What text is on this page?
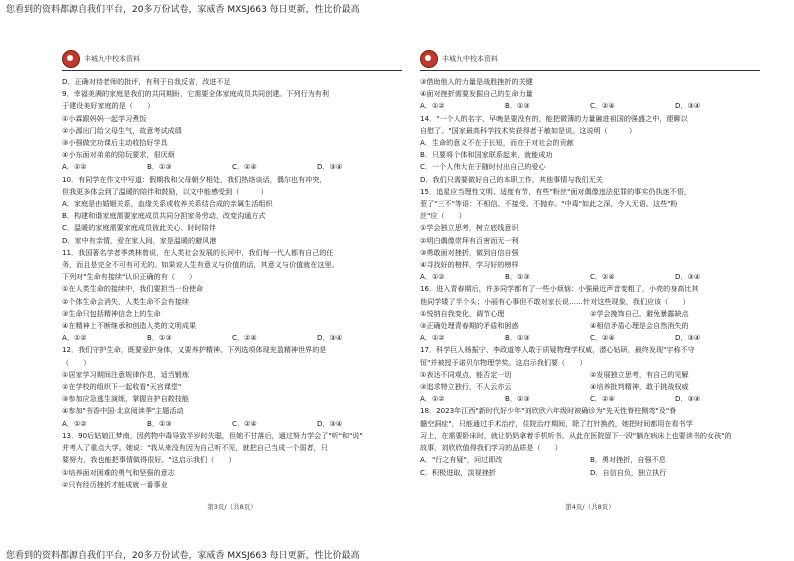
您看到的资料都源自我们平台，20多万份试卷，家威香 MXSJ663 每日更新，性比价最高
丰城九中校本资料
D．正确对待老师的批评，有利于自我反省，改进不足
9．幸福美满的家庭是我们的共同期盼，它需要全体家庭成员共同创建。下列行为有利
于建设美好家庭的是（　　）
①小霖跟妈妈一起学习煮饭
②小源出门给父母生气，故意考试成绩
③小强做完功课后主动收拾好学具
④小东面对弟弟的陪玩要求，很厌烦
A．①②	B．①③	C．②④	D．③④
10．有同学在作文中写道：假期我和父母朝夕相处，我们热络谈话，偶尔也有冲突，
但我更多体会到了温暖的陪伴和鼓励，以文中能感受到（　　　）
A．家庭是由婚姻关系，血缘关系或收养关系结合成的亲属生活组织
B．构建和谐家庭需要家庭成员共同分担家务劳动，改变沟通方式
C．温暖的家庭需要家庭成员彼此关心、时时陪伴
D．家中有亲情，爱在家人间，家是温暖的避风港
11．我国著名学者季羡林曾说，在人类社会发展的长河中，我们每一代人都有自己的任
务，而且是完全不可有可无的。如果说人生有意义与价值的话，其意义与价值就在这里。
下列对"生命有接续"认识正确的有（　　）
①在人类生命的接续中，我们要担当一份使命
②个体生命会消失，人类生命不会有接续
③生命只包括精神信念上的生命
④在精神上不断继承和创造人类的文明成果
A．①②	B．①③	C．②④	D．③④
12．我们守护生命，既要爱护身体，又要养护精神。下列选项体现充盈精神世界的是
（　　）
①居家学习期间注意规律作息，适当锻炼
②在学校的组织下一起收看"天宫课堂"
③参加应急逃生演练，掌握自护自救技能
④参加"书香中国·北京阅读季"主题活动
A．①②	B．①③	C．②④	D．③④
13．90后姑娘江梦南，因药物中毒导致半岁时失聪，但她不甘落后，通过努力学会了"听"和"说"
并考入了重点大学。她说："我从来没有因为自己听不见，就把自己当成一个弱者，只
要努力，我也能把事情做得很好。"这启示我们（　　）
①培养面对困难的勇气和坚强的意志
②只有经历挫折才能成就一番事业
第3页/（共8页）
丰城九中校本资料
③借助他人的力量是战胜挫折的关键
④面对挫折需要发掘自己的生命力量
A．①②	B．①③	C．②④	D．③④
14．"一个人的名字，早晚是要没有的，能把微薄的力量融进祖国的强盛之中，便聊以
自慰了。"国家最高科学技术奖获得者于敏如是说。这说明（　　　）
A．生命的意义不在于长短，而在于对社会的贡献
B．只要将个体和国家联系起来，就能成功
C．一个人伟大在于随时付出自己的爱心
D．我们只需要做好自己的本职工作，其他事情与我们无关
15．追星应当理性文明、适度有节，有些"粉丝"面对偶像违法犯罪的事实仍执迷不悟，
惹了"三不"等语：不相信、不接受、不抛弃。"中毒"如此之深，令人无语。这些"粉
丝"应（　　）
①学会独立思考，树立底线意识
②明白偶像崇拜有百害而无一利
③勇敢面对挫折，做到自信自强
④寻找好的榜样，学习好的榜样
A．①②	B．①③	C．②④	D．③④
16．进入青春期后，许多同学都有了一些小烦恼：小强最近声音变粗了，小亮的身高比其
他同学矮了半个头；小丽有心事但不敢对家长说……针对这些现象，我们应该（　　）
①悦纳自我变化，调节心理	②学会挽饰自己，避免暴露缺点
③正确处理青春期的矛盾和困惑	④相信矛盾心理是会自然消失的
A．①②	B．①③	C．②④	D．③④
17．科学巨人杨振宁、李政道等人敢于质疑物理学权威，潜心钻研，最终发现"宇称不守
恒"并被授予诺贝尔物理学奖。这启示我们要（　　）
①表达不同观点，能否定一切	②发展独立思考，有自己的见解
③追求特立独行，不人云亦云	④培养批判精神，敢于挑战权威
A．①②	B．①③	C．②④	D．③④
18．2023年江西"新时代好少年"刘欣欣六年级时被确诊为"先天性脊柱侧弯"及"脊
髓空洞症"，只能通过手术治疗，住院治疗期间，除了打针换药，她把时间都用在看书学
习上，在需要卧床时，就让奶奶拿着手机听书。从此在医院留下一段"躺在病床上也要读书的女孩"的
故事，刘欣欣值得我们学习的品质是（　　）
A．"行之有疑"，问过即改	B．勇对挫折，自强不息
C．积极进取，淡视挫折	D．自信自负，独立执行
第4页/（共8页）
您看到的资料都源自我们平台，20多万份试卷，家威香 MXSJ663 每日更新，性比价最高
